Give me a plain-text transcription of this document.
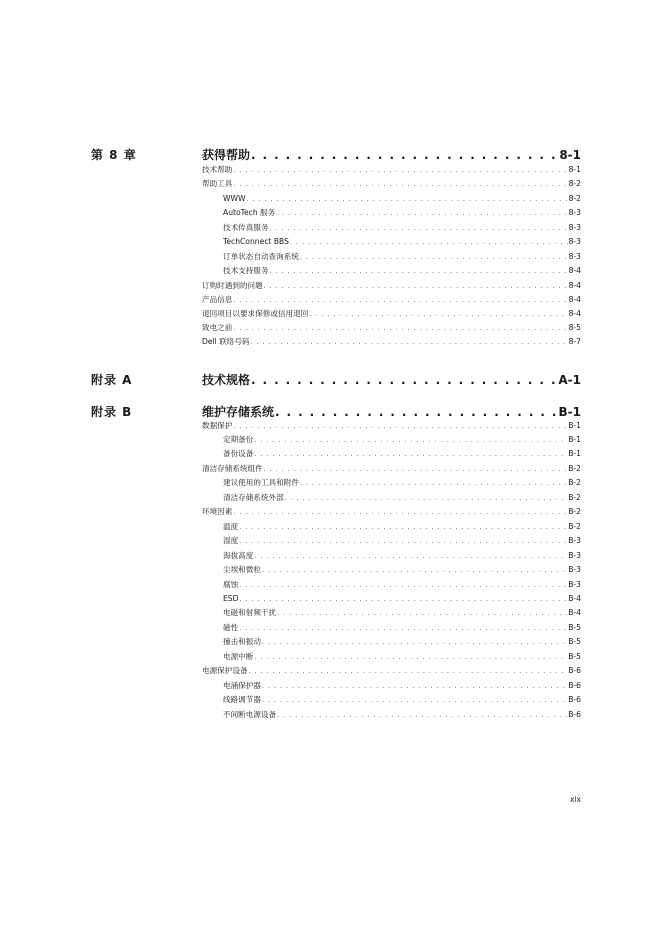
第 8 章	获得帮助 . . .	8-1
技术帮助 . . .	8-1
帮助工具 . . .	8-2
WWW . . .	8-2
AutoTech 服务 . . .	8-3
技术传真服务 . . .	8-3
TechConnect BBS . . .	8-3
订单状态自动查询系统 . . .	8-3
技术支持服务 . . .	8-4
订购时遇到的问题 . . .	8-4
产品信息 . . .	8-4
退回项目以要求保修或信用退回 . . .	8-4
致电之前 . . .	8-5
Dell 联络号码 . . .	8-7
附录 A	技术规格 . . .	A-1
附录 B	维护存储系统 . . .	B-1
数据保护 . . .	B-1
定期备份 . . .	B-1
备份设备 . . .	B-1
清洁存储系统组件 . . .	B-2
建议使用的工具和附件 . . .	B-2
清洁存储系统外部 . . .	B-2
环境因素 . . .	B-2
温度 . . .	B-2
湿度 . . .	B-3
海拔高度 . . .	B-3
尘埃和微粒 . . .	B-3
腐蚀 . . .	B-3
ESD . . .	B-4
电磁和射频干扰 . . .	B-4
磁性 . . .	B-5
撞击和振动 . . .	B-5
电源中断 . . .	B-5
电源保护设备 . . .	B-6
电涌保护器 . . .	B-6
线路调节器 . . .	B-6
不间断电源设备 . . .	B-6
xix
